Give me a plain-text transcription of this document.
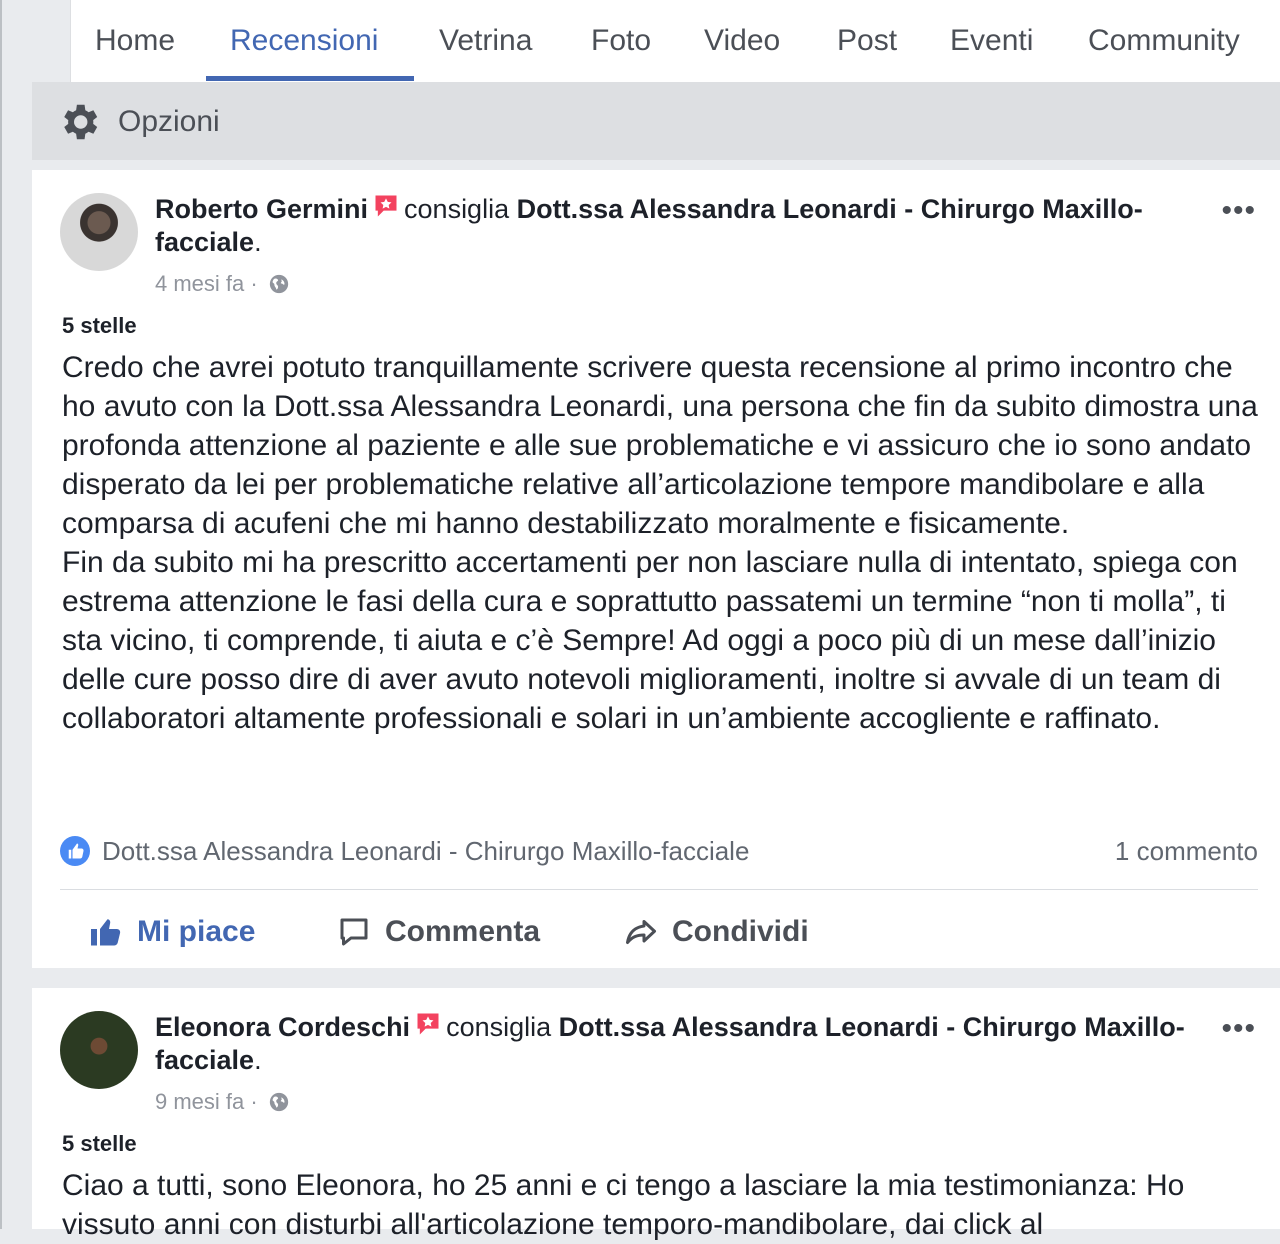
Home Recensioni Vetrina Foto Video Post Eventi Community
Opzioni
Roberto Germini consiglia Dott.ssa Alessandra Leonardi - Chirurgo Maxillo-facciale.
4 mesi fa ·
•••
5 stelle

Credo che avrei potuto tranquillamente scrivere questa recensione al primo incontro che ho avuto con la Dott.ssa Alessandra Leonardi, una persona che fin da subito dimostra una profonda attenzione al paziente e alle sue problematiche e vi assicuro che io sono andato disperato da lei per problematiche relative all’articolazione tempore mandibolare e alla comparsa di acufeni che mi hanno destabilizzato moralmente e fisicamente.

Fin da subito mi ha prescritto accertamenti per non lasciare nulla di intentato, spiega con estrema attenzione le fasi della cura e soprattutto passatemi un termine “non ti molla”, ti sta vicino, ti comprende, ti aiuta e c’è Sempre! Ad oggi a poco più di un mese dall’inizio delle cure posso dire di aver avuto notevoli miglioramenti, inoltre si avvale di un team di collaboratori altamente professionali e solari in un’ambiente accogliente e raffinato.

Dott.ssa Alessandra Leonardi - Chirurgo Maxillo-facciale	1 commento
Mi piace	Commenta	Condividi
Eleonora Cordeschi consiglia Dott.ssa Alessandra Leonardi - Chirurgo Maxillo-facciale.
9 mesi fa ·
•••
5 stelle

Ciao a tutti, sono Eleonora, ho 25 anni e ci tengo a lasciare la mia testimonianza: Ho vissuto anni con disturbi all'articolazione temporo-mandibolare, dai click al
